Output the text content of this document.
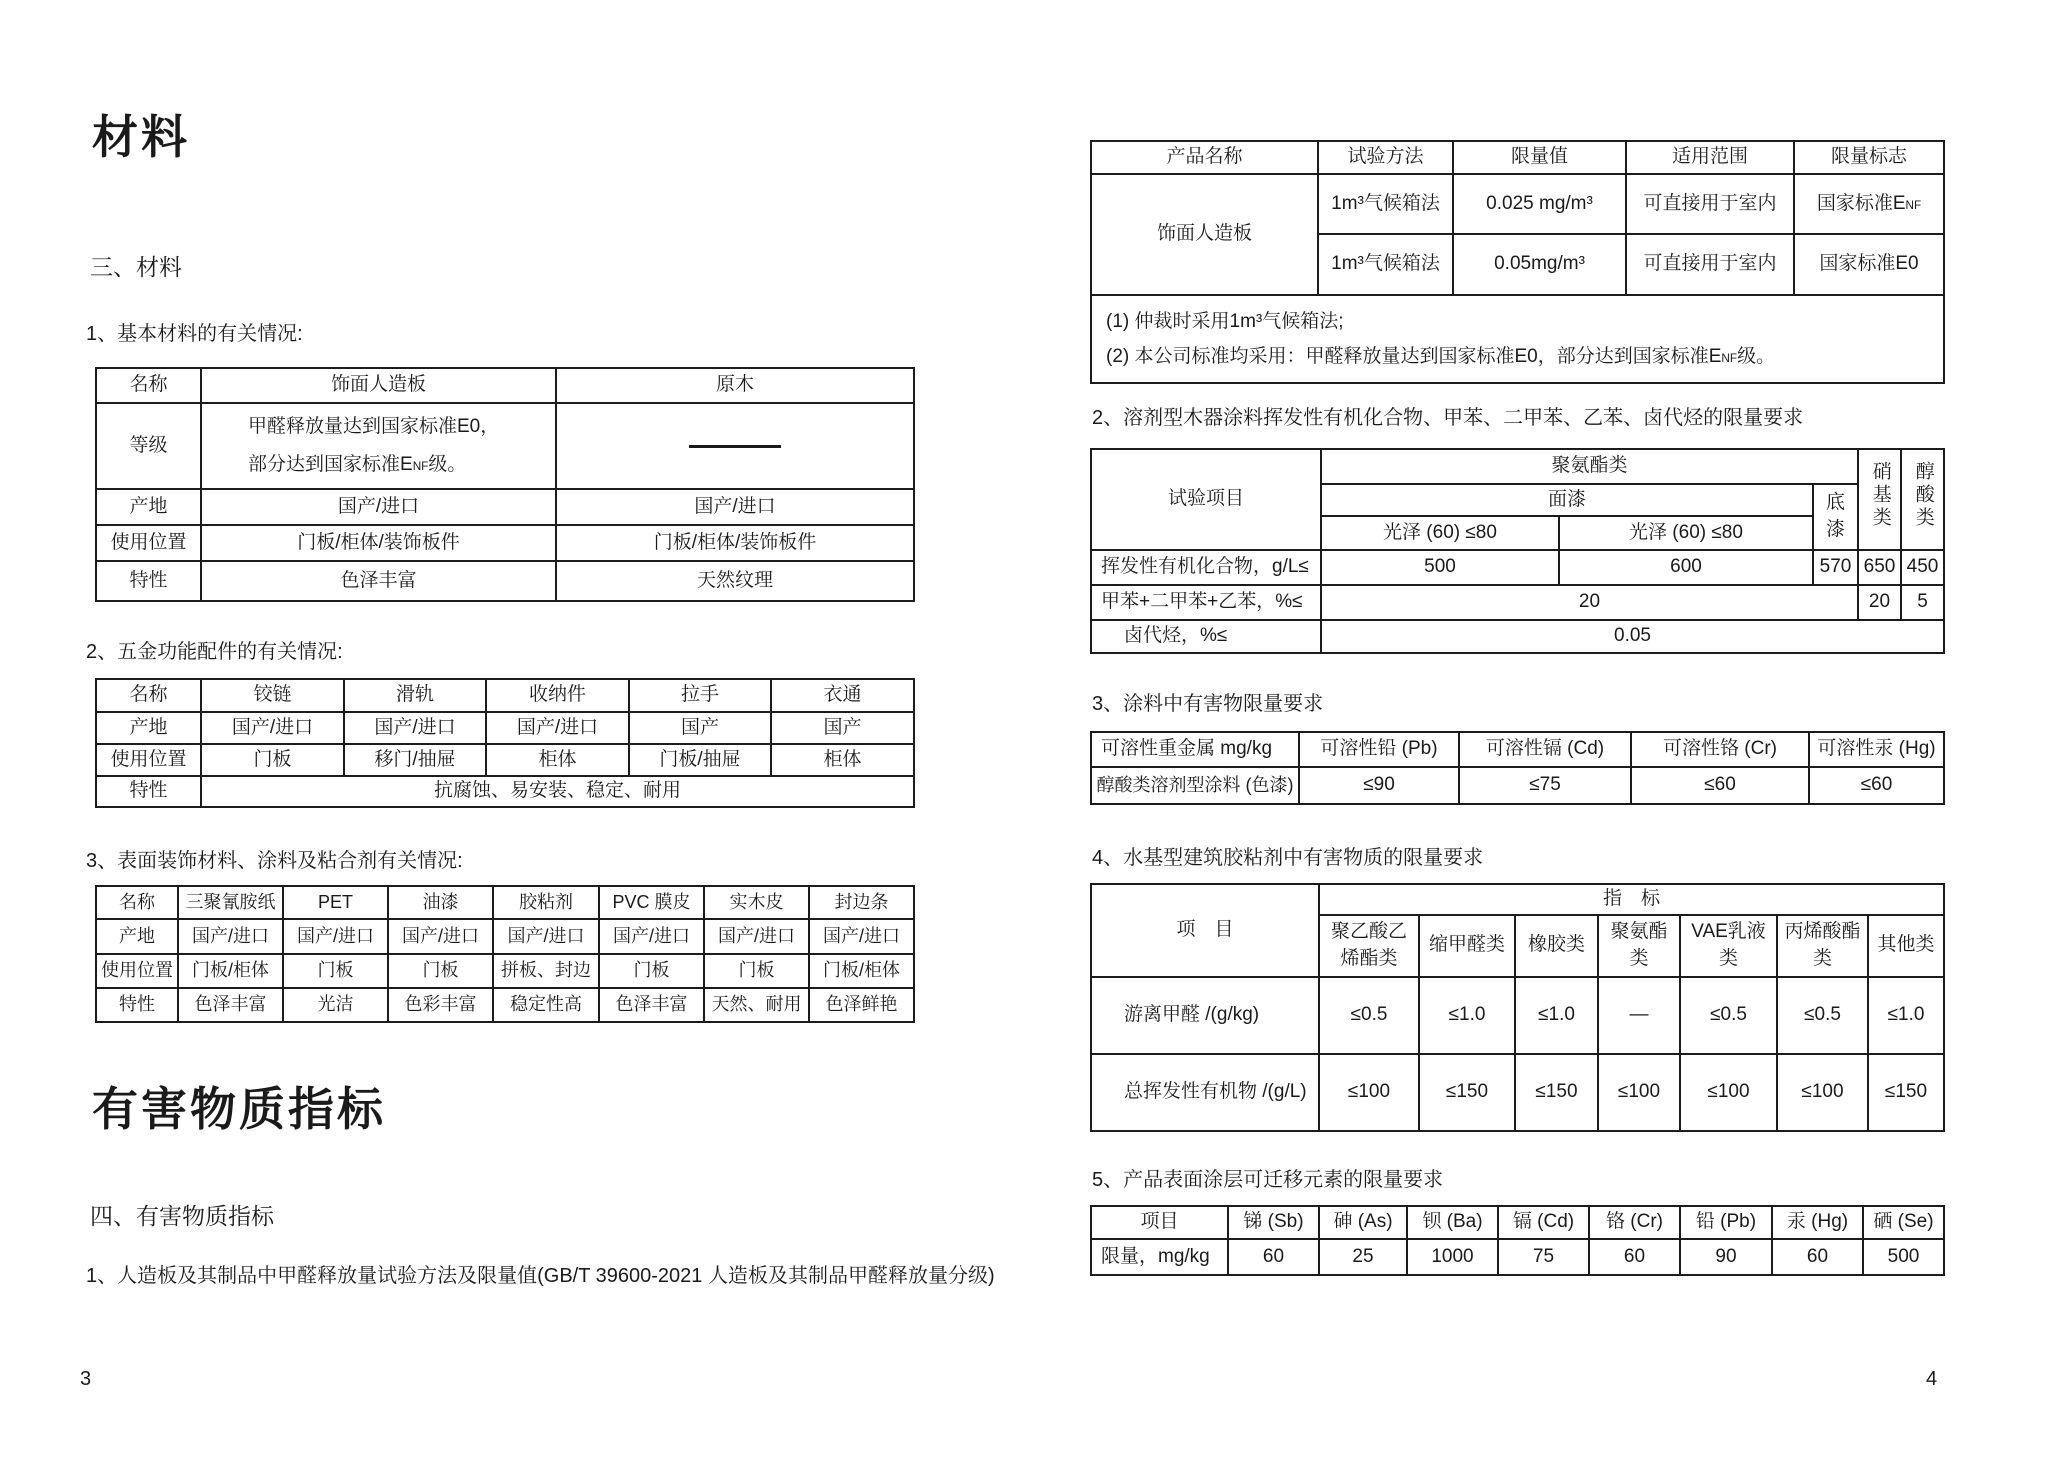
材料
三、材料
1、基本材料的有关情况:
名称	饰面人造板	原木
等级	甲醛释放量达到国家标准E0，
部分达到国家标准ENF级。	

产地	国产/进口	国产/进口
使用位置	门板/柜体/装饰板件	门板/柜体/装饰板件
特性	色泽丰富	天然纹理
2、五金功能配件的有关情况:
名称	铰链	滑轨	收纳件	拉手	衣通
产地	国产/进口	国产/进口	国产/进口	国产	国产
使用位置	门板	移门/抽屉	柜体	门板/抽屉	柜体
特性	抗腐蚀、易安装、稳定、耐用				
3、表面装饰材料、涂料及粘合剂有关情况:
名称	三聚氰胺纸	PET	油漆	胶粘剂	PVC 膜皮	实木皮	封边条
产地	国产/进口	国产/进口	国产/进口	国产/进口	国产/进口	国产/进口	国产/进口
使用位置	门板/柜体	门板	门板	拼板、封边	门板	门板	门板/柜体
特性	色泽丰富	光洁	色彩丰富	稳定性高	色泽丰富	天然、耐用	色泽鲜艳
有害物质指标
四、有害物质指标
1、人造板及其制品中甲醛释放量试验方法及限量值(GB/T 39600-2021 人造板及其制品甲醛释放量分级)
3
产品名称	试验方法	限量值	适用范围	限量标志
饰面人造板	1m³气候箱法	0.025 mg/m³	可直接用于室内	国家标准ENF
	1m³气候箱法	0.05mg/m³	可直接用于室内	国家标准E0

(1) 仲裁时采用1m³气候箱法;
(2) 本公司标准均采用：甲醛释放量达到国家标准E0，部分达到国家标准ENF级。				
2、溶剂型木器涂料挥发性有机化合物、甲苯、二甲苯、乙苯、卤代烃的限量要求
试验项目	聚氨酯类			硝基类	醇酸类
	面漆		底漆		
	光泽 (60) ≤80	光泽 (60) ≤80			
挥发性有机化合物，g/L≤	500	600	570	650	450
甲苯+二甲苯+乙苯，%≤	20			20	5
卤代烃，%≤	0.05				
3、涂料中有害物限量要求
可溶性重金属 mg/kg	可溶性铅 (Pb)	可溶性镉 (Cd)	可溶性铬 (Cr)	可溶性汞 (Hg)
醇酸类溶剂型涂料 (色漆)	≤90	≤75	≤60	≤60
4、水基型建筑胶粘剂中有害物质的限量要求
项　目	指　标						
	聚乙酸乙烯酯类	缩甲醛类	橡胶类	聚氨酯类	VAE乳液类	丙烯酸酯类	其他类
游离甲醛 /(g/kg)	≤0.5	≤1.0	≤1.0	—	≤0.5	≤0.5	≤1.0
总挥发性有机物 /(g/L)	≤100	≤150	≤150	≤100	≤100	≤100	≤150
5、产品表面涂层可迁移元素的限量要求
项目	锑 (Sb)	砷 (As)	钡 (Ba)	镉 (Cd)	铬 (Cr)	铅 (Pb)	汞 (Hg)	硒 (Se)
限量，mg/kg	60	25	1000	75	60	90	60	500
4
